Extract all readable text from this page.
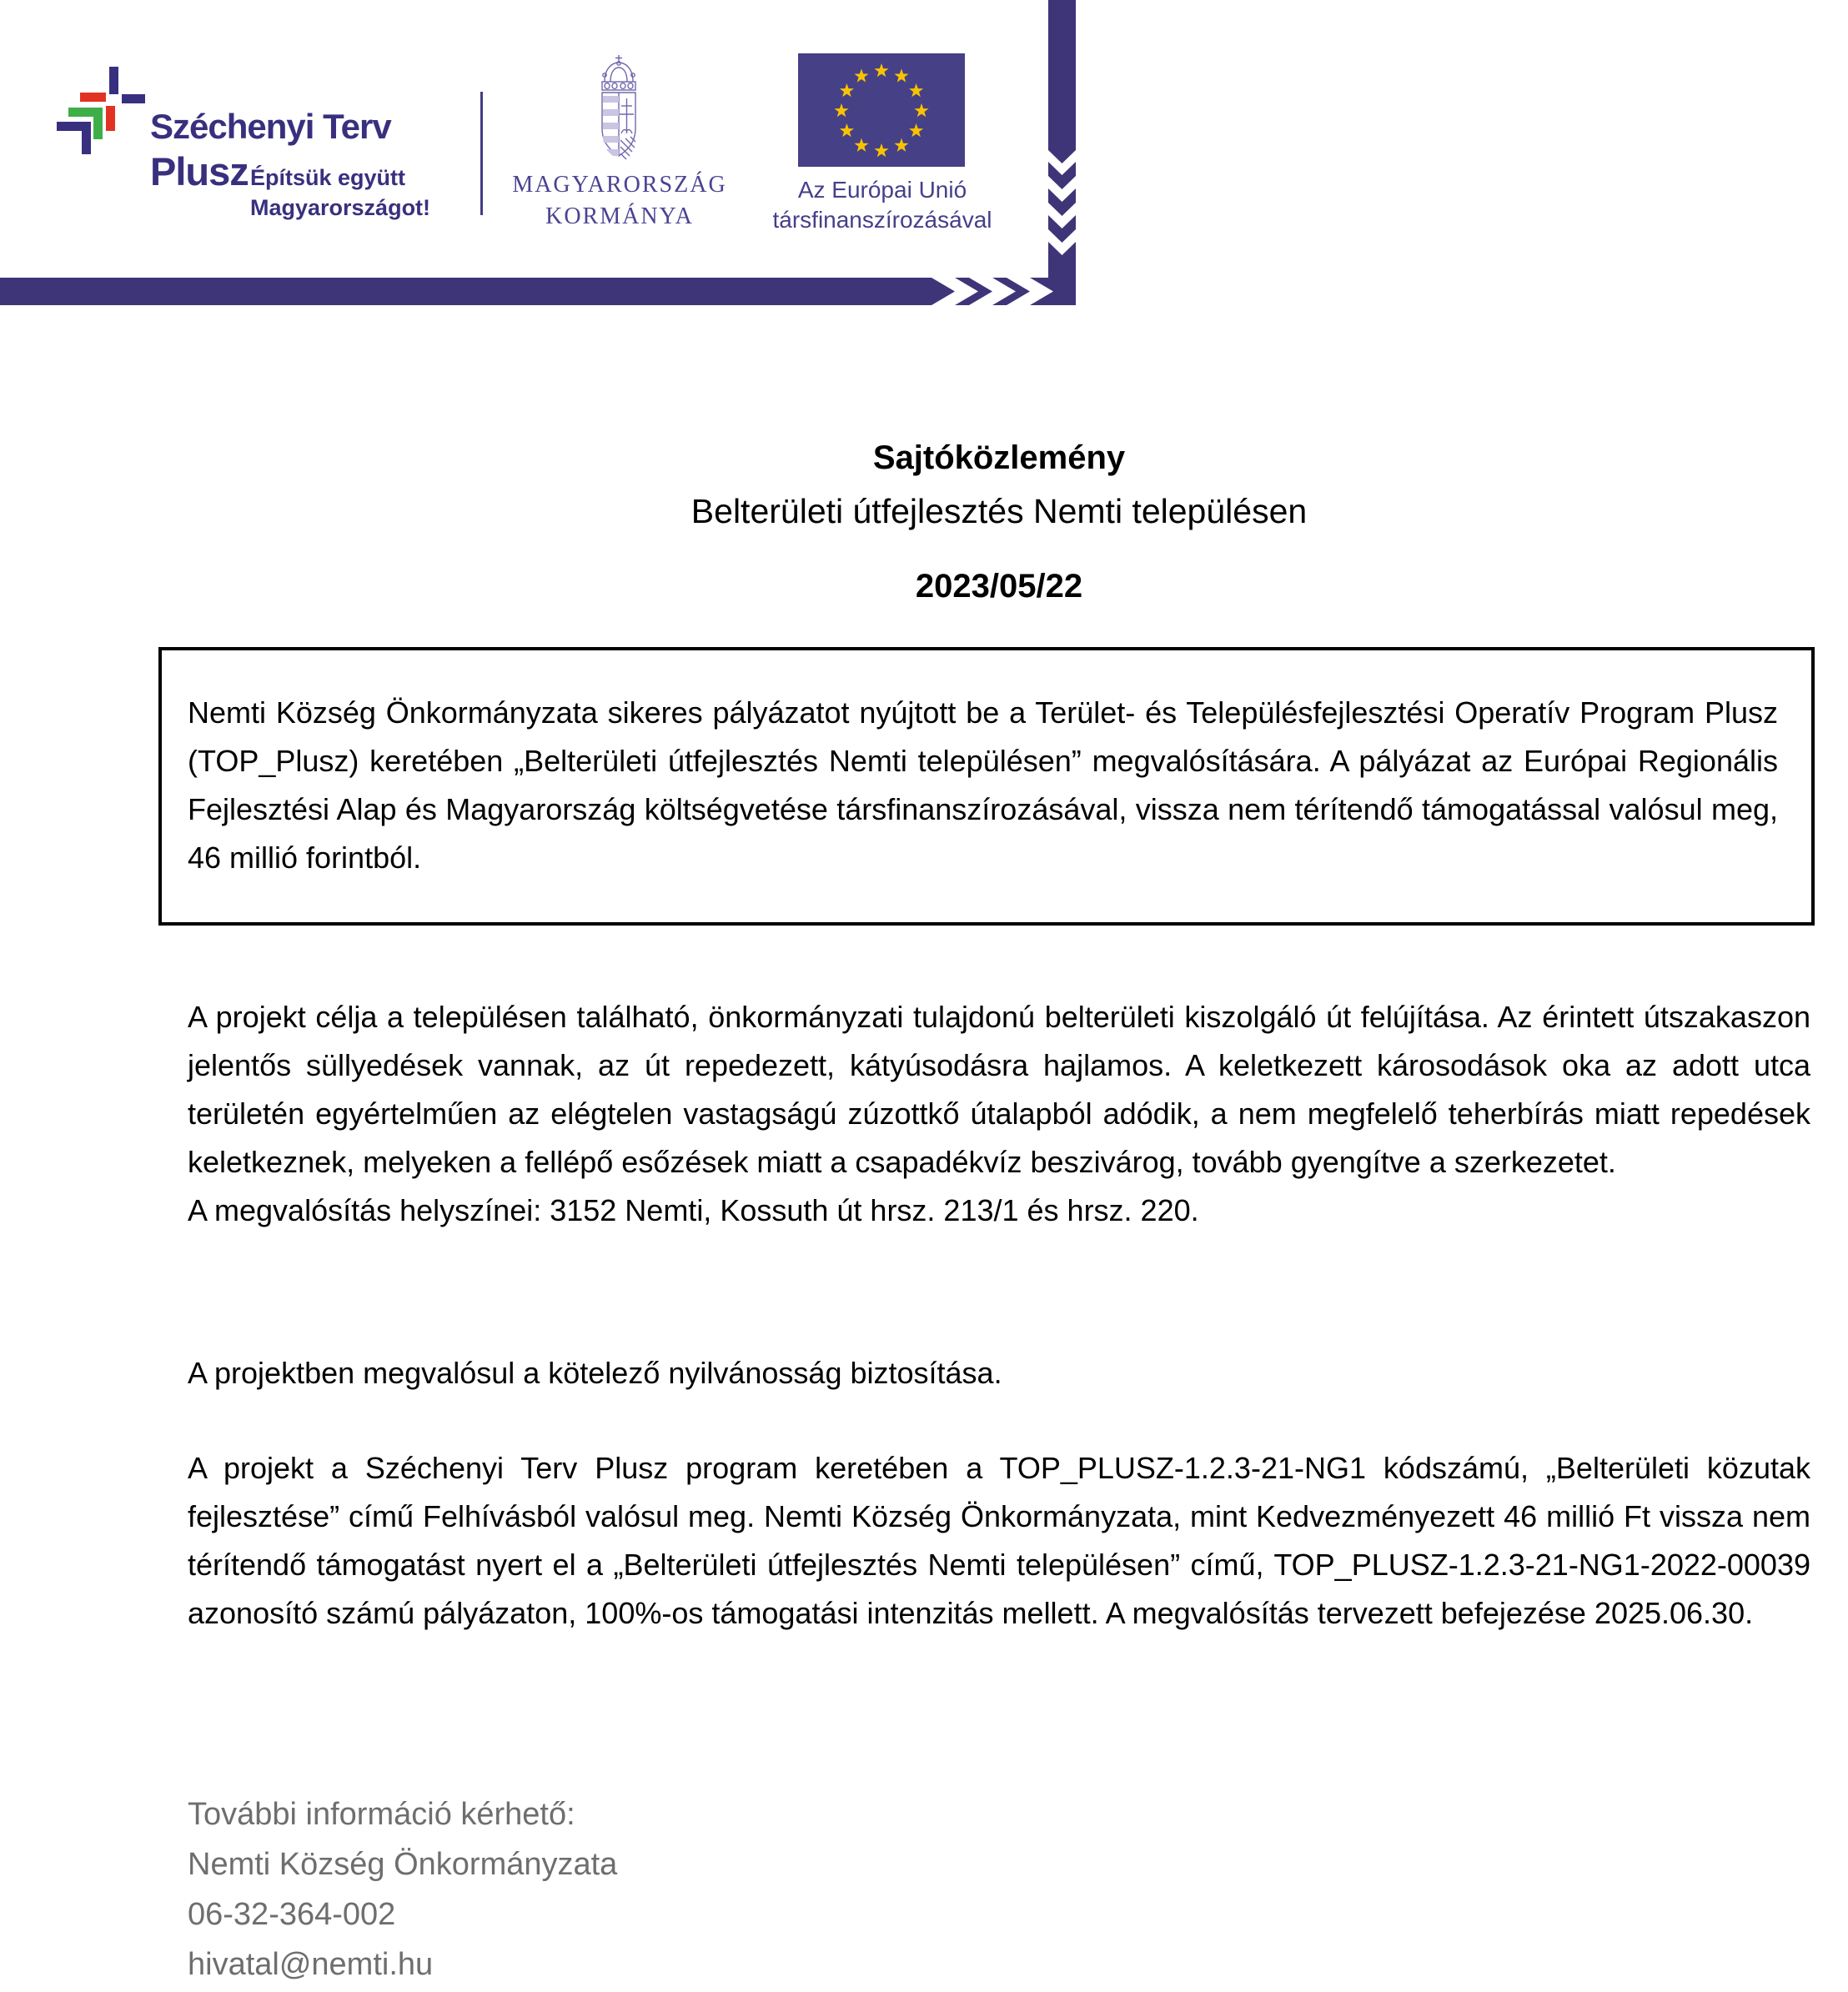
Széchenyi Terv
Plusz Építsük együtt
Magyarországot!
MAGYARORSZÁG
KORMÁNYA
Az Európai Unió
társfinanszírozásával
Sajtóközlemény
Belterületi útfejlesztés Nemti településen
2023/05/22
Nemti Község Önkormányzata sikeres pályázatot nyújtott be a Terület- és Településfejlesztési Operatív Program Plusz (TOP_Plusz) keretében „Belterületi útfejlesztés Nemti településen” megvalósítására. A pályázat az Európai Regionális Fejlesztési Alap és Magyarország költségvetése társfinanszírozásával, vissza nem térítendő támogatással valósul meg, 46 millió forintból.
A projekt célja a településen található, önkormányzati tulajdonú belterületi kiszolgáló út felújítása. Az érintett útszakaszon jelentős süllyedések vannak, az út repedezett, kátyúsodásra hajlamos. A keletkezett károsodások oka az adott utca területén egyértelműen az elégtelen vastagságú zúzottkő útalapból adódik, a nem megfelelő teherbírás miatt repedések keletkeznek, melyeken a fellépő esőzések miatt a csapadékvíz beszivárog, tovább gyengítve a szerkezetet.
A megvalósítás helyszínei: 3152 Nemti, Kossuth út hrsz. 213/1 és hrsz. 220.
A projektben megvalósul a kötelező nyilvánosság biztosítása.
A projekt a Széchenyi Terv Plusz program keretében a TOP_PLUSZ-1.2.3-21-NG1 kódszámú, „Belterületi közutak fejlesztése” című Felhívásból valósul meg. Nemti Község Önkormányzata, mint Kedvezményezett 46 millió Ft vissza nem térítendő támogatást nyert el a „Belterületi útfejlesztés Nemti településen” című, TOP_PLUSZ-1.2.3-21-NG1-2022-00039 azonosító számú pályázaton, 100%-os támogatási intenzitás mellett. A megvalósítás tervezett befejezése 2025.06.30.
További információ kérhető:
Nemti Község Önkormányzata
06-32-364-002
hivatal@nemti.hu
